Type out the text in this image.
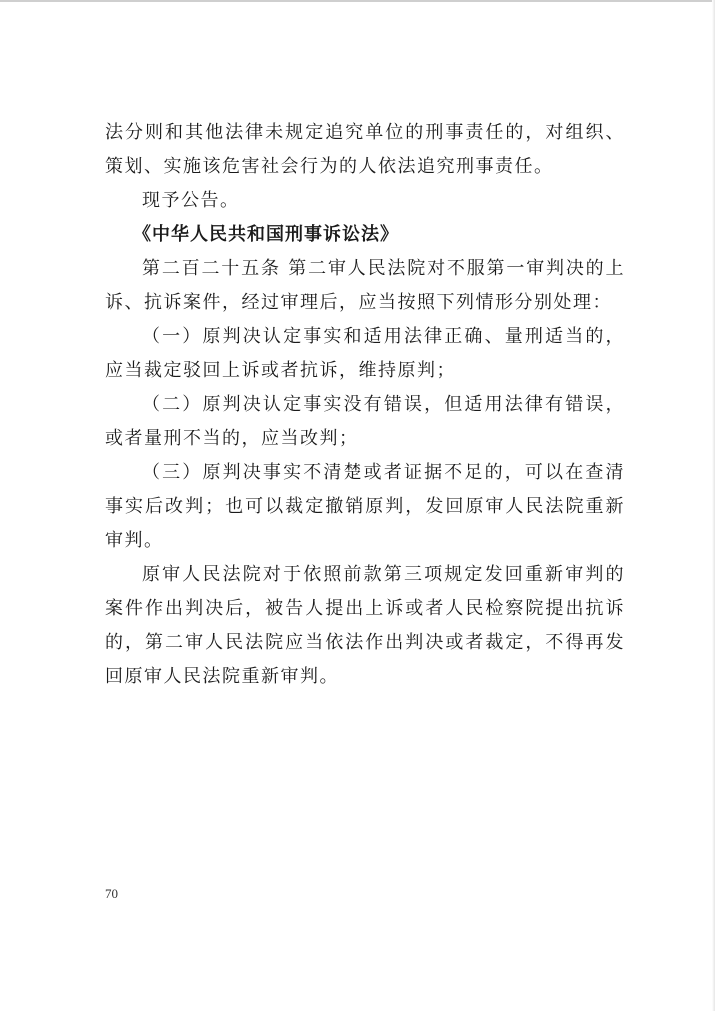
法分则和其他法律未规定追究单位的刑事责任的，对组织、策划、实施该危害社会行为的人依法追究刑事责任。

现予公告。

《中华人民共和国刑事诉讼法》

第二百二十五条 第二审人民法院对不服第一审判决的上诉、抗诉案件，经过审理后，应当按照下列情形分别处理：

（一）原判决认定事实和适用法律正确、量刑适当的，应当裁定驳回上诉或者抗诉，维持原判；

（二）原判决认定事实没有错误，但适用法律有错误，或者量刑不当的，应当改判；

（三）原判决事实不清楚或者证据不足的，可以在查清事实后改判；也可以裁定撤销原判，发回原审人民法院重新审判。

原审人民法院对于依照前款第三项规定发回重新审判的案件作出判决后，被告人提出上诉或者人民检察院提出抗诉的，第二审人民法院应当依法作出判决或者裁定，不得再发回原审人民法院重新审判。

70
